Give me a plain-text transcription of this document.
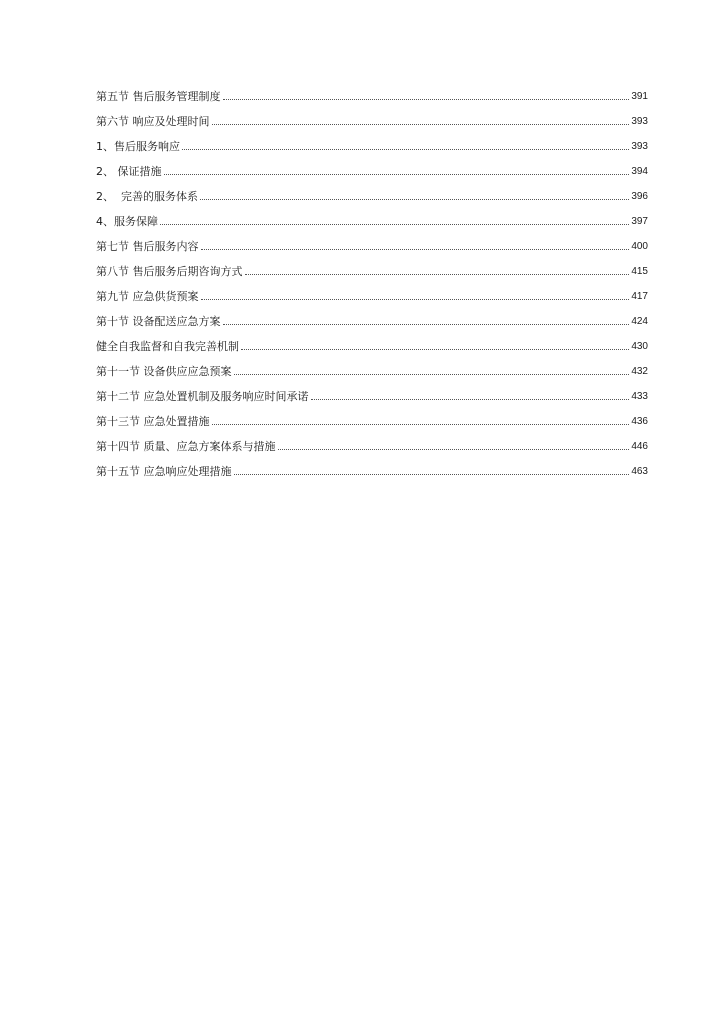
第五节 售后服务管理制度	391
第六节 响应及处理时间	393
1、售后服务响应	393
2、 保证措施	394
2、  完善的服务体系	396
4、服务保障	397
第七节 售后服务内容	400
第八节 售后服务后期咨询方式	415
第九节 应急供货预案	417
第十节 设备配送应急方案	424
健全自我监督和自我完善机制	430
第十一节 设备供应应急预案	432
第十二节 应急处置机制及服务响应时间承诺	433
第十三节 应急处置措施	436
第十四节 质量、应急方案体系与措施	446
第十五节 应急响应处理措施	463
